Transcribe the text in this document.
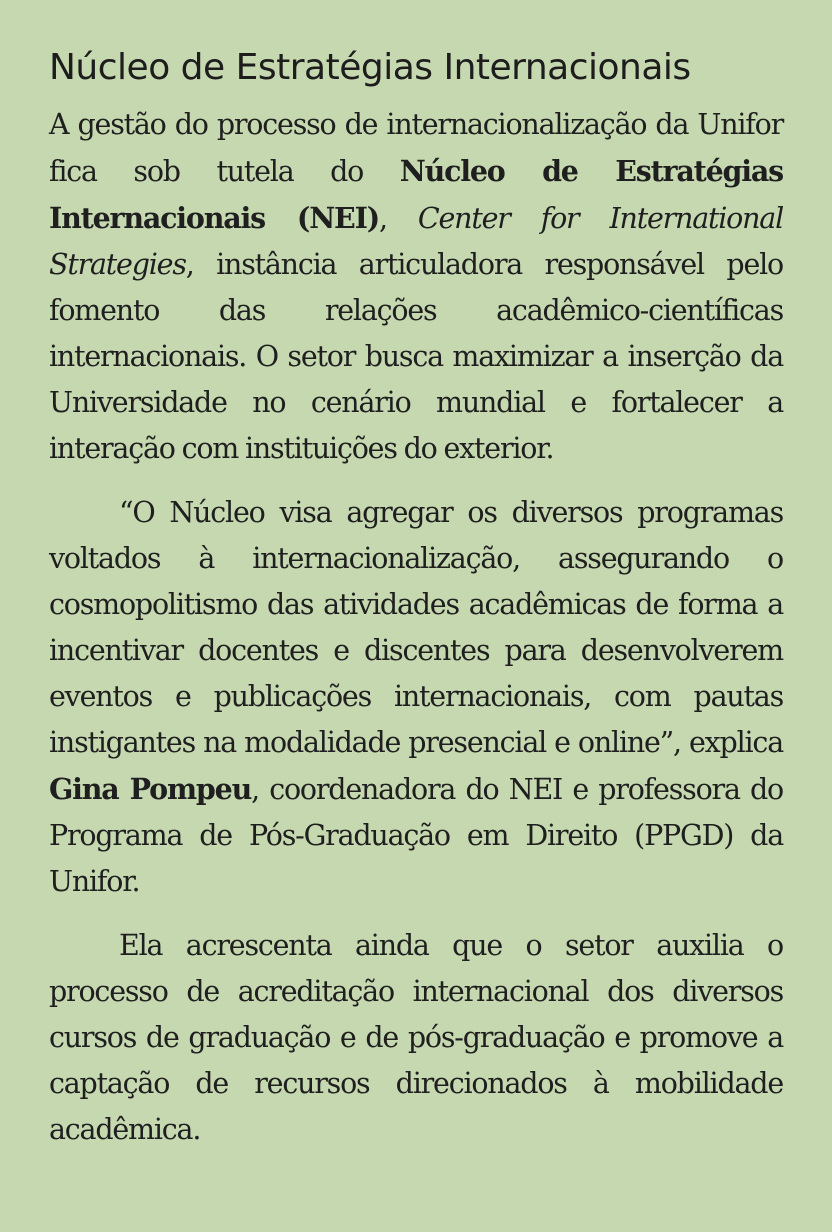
Núcleo de Estratégias Internacionais

A gestão do processo de internacionalização da Unifor fica sob tutela do Núcleo de Estratégias Internacionais (NEI), Center for International Strategies, instância articuladora responsável pelo fomento das relações acadêmico-científicas internacionais. O setor busca maximizar a inserção da Universidade no cenário mundial e fortalecer a interação com instituições do exterior.

“O Núcleo visa agregar os diversos programas voltados à internacionalização, assegurando o cosmopolitismo das atividades acadêmicas de forma a incentivar docentes e discentes para desenvolverem eventos e publicações internacionais, com pautas instigantes na modalidade presencial e online”, explica Gina Pompeu, coordenadora do NEI e professora do Programa de Pós-Graduação em Direito (PPGD) da Unifor.

Ela acrescenta ainda que o setor auxilia o processo de acreditação internacional dos diversos cursos de graduação e de pós-graduação e promove a captação de recursos direcionados à mobilidade acadêmica.
